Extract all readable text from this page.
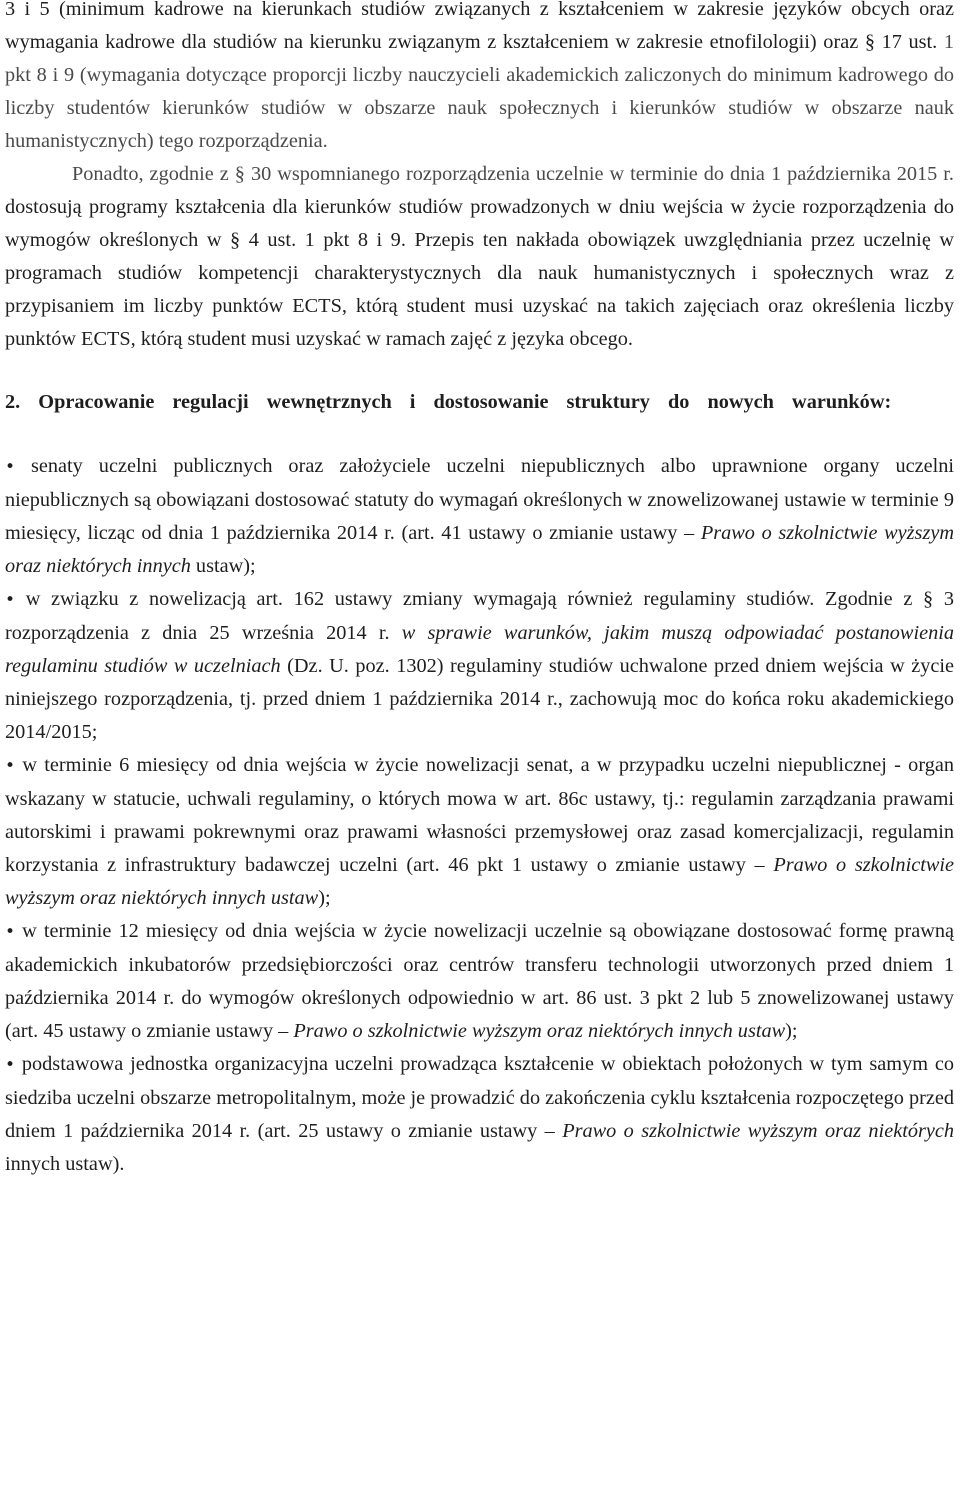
3 i 5 (minimum kadrowe na kierunkach studiów związanych z kształceniem w zakresie języków obcych oraz wymagania kadrowe dla studiów na kierunku związanym z kształceniem w zakresie etnofilologii) oraz § 17 ust. 1 pkt 8 i 9 (wymagania dotyczące proporcji liczby nauczycieli akademickich zaliczonych do minimum kadrowego do liczby studentów kierunków studiów w obszarze nauk społecznych i kierunków studiów w obszarze nauk humanistycznych) tego rozporządzenia.

Ponadto, zgodnie z § 30 wspomnianego rozporządzenia uczelnie w terminie do dnia 1 października 2015 r. dostosują programy kształcenia dla kierunków studiów prowadzonych w dniu wejścia w życie rozporządzenia do wymogów określonych w § 4 ust. 1 pkt 8 i 9. Przepis ten nakłada obowiązek uwzględniania przez uczelnię w programach studiów kompetencji charakterystycznych dla nauk humanistycznych i społecznych wraz z przypisaniem im liczby punktów ECTS, którą student musi uzyskać na takich zajęciach oraz określenia liczby punktów ECTS, którą student musi uzyskać w ramach zajęć z języka obcego.

2. Opracowanie regulacji wewnętrznych i dostosowanie struktury do nowych warunków:

• senaty uczelni publicznych oraz założyciele uczelni niepublicznych albo uprawnione organy uczelni niepublicznych są obowiązani dostosować statuty do wymagań określonych w znowelizowanej ustawie w terminie 9 miesięcy, licząc od dnia 1 października 2014 r. (art. 41 ustawy o zmianie ustawy – Prawo o szkolnictwie wyższym oraz niektórych innych ustaw);

• w związku z nowelizacją art. 162 ustawy zmiany wymagają również regulaminy studiów. Zgodnie z § 3 rozporządzenia z dnia 25 września 2014 r. w sprawie warunków, jakim muszą odpowiadać postanowienia regulaminu studiów w uczelniach (Dz. U. poz. 1302) regulaminy studiów uchwalone przed dniem wejścia w życie niniejszego rozporządzenia, tj. przed dniem 1 października 2014 r., zachowują moc do końca roku akademickiego 2014/2015;

• w terminie 6 miesięcy od dnia wejścia w życie nowelizacji senat, a w przypadku uczelni niepublicznej - organ wskazany w statucie, uchwali regulaminy, o których mowa w art. 86c ustawy, tj.: regulamin zarządzania prawami autorskimi i prawami pokrewnymi oraz prawami własności przemysłowej oraz zasad komercjalizacji, regulamin korzystania z infrastruktury badawczej uczelni (art. 46 pkt 1 ustawy o zmianie ustawy – Prawo o szkolnictwie wyższym oraz niektórych innych ustaw);

• w terminie 12 miesięcy od dnia wejścia w życie nowelizacji uczelnie są obowiązane dostosować formę prawną akademickich inkubatorów przedsiębiorczości oraz centrów transferu technologii utworzonych przed dniem 1 października 2014 r. do wymogów określonych odpowiednio w art. 86 ust. 3 pkt 2 lub 5 znowelizowanej ustawy (art. 45 ustawy o zmianie ustawy – Prawo o szkolnictwie wyższym oraz niektórych innych ustaw);

• podstawowa jednostka organizacyjna uczelni prowadząca kształcenie w obiektach położonych w tym samym co siedziba uczelni obszarze metropolitalnym, może je prowadzić do zakończenia cyklu kształcenia rozpoczętego przed dniem 1 października 2014 r. (art. 25 ustawy o zmianie ustawy – Prawo o szkolnictwie wyższym oraz niektórych innych ustaw).
